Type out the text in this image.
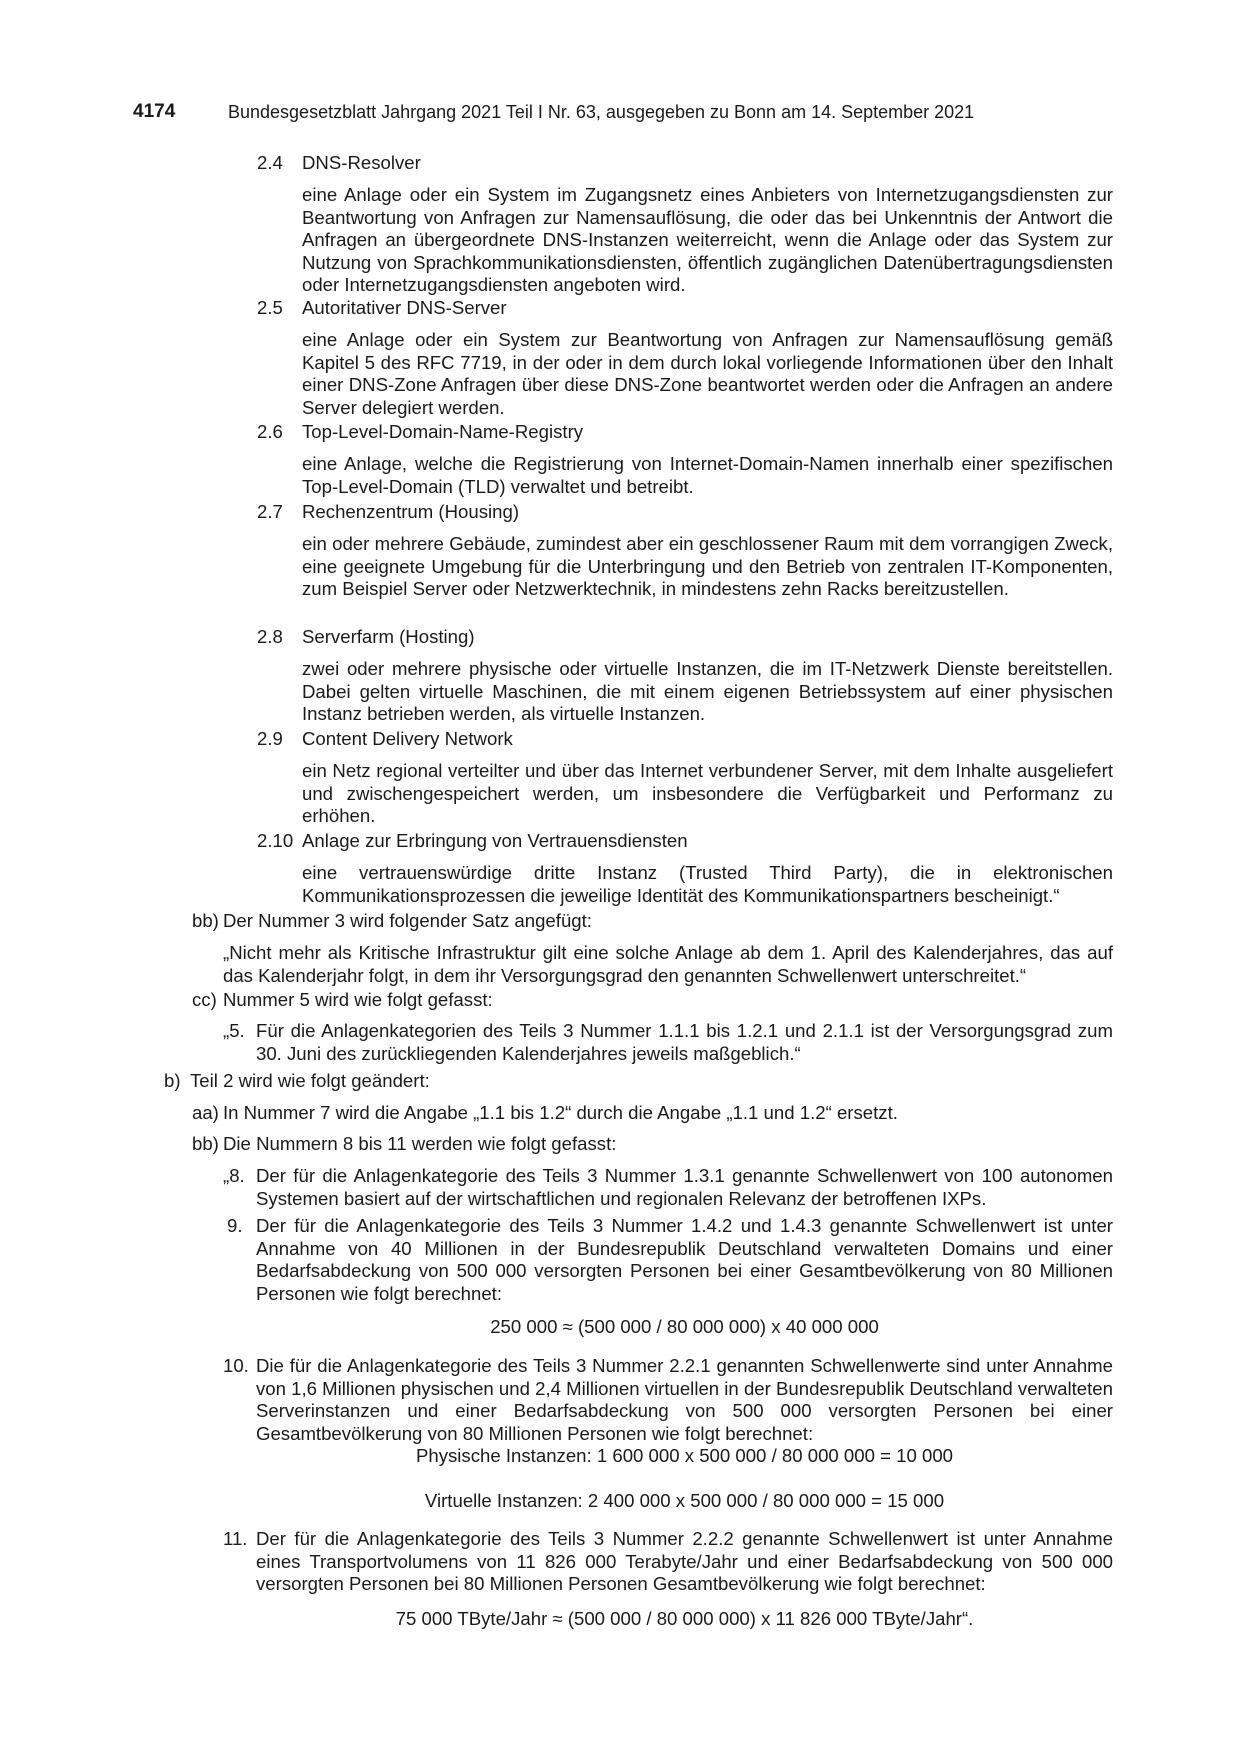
4174	Bundesgesetzblatt Jahrgang 2021 Teil I Nr. 63, ausgegeben zu Bonn am 14. September 2021
2.4 DNS-Resolver
eine Anlage oder ein System im Zugangsnetz eines Anbieters von Internetzugangsdiensten zur Beantwortung von Anfragen zur Namensauflösung, die oder das bei Unkenntnis der Antwort die Anfragen an übergeordnete DNS-Instanzen weiterreicht, wenn die Anlage oder das System zur Nutzung von Sprachkommunikationsdiensten, öffentlich zugänglichen Datenübertragungsdiensten oder Internetzugangsdiensten angeboten wird.
2.5 Autoritativer DNS-Server
eine Anlage oder ein System zur Beantwortung von Anfragen zur Namensauflösung gemäß Kapitel 5 des RFC 7719, in der oder in dem durch lokal vorliegende Informationen über den Inhalt einer DNS-Zone Anfragen über diese DNS-Zone beantwortet werden oder die Anfragen an andere Server delegiert werden.
2.6 Top-Level-Domain-Name-Registry
eine Anlage, welche die Registrierung von Internet-Domain-Namen innerhalb einer spezifischen Top-Level-Domain (TLD) verwaltet und betreibt.
2.7 Rechenzentrum (Housing)
ein oder mehrere Gebäude, zumindest aber ein geschlossener Raum mit dem vorrangigen Zweck, eine geeignete Umgebung für die Unterbringung und den Betrieb von zentralen IT-Komponenten, zum Beispiel Server oder Netzwerktechnik, in mindestens zehn Racks bereitzustellen.
2.8 Serverfarm (Hosting)
zwei oder mehrere physische oder virtuelle Instanzen, die im IT-Netzwerk Dienste bereitstellen. Dabei gelten virtuelle Maschinen, die mit einem eigenen Betriebssystem auf einer physischen Instanz betrieben werden, als virtuelle Instanzen.
2.9 Content Delivery Network
ein Netz regional verteilter und über das Internet verbundener Server, mit dem Inhalte ausgeliefert und zwischengespeichert werden, um insbesondere die Verfügbarkeit und Performanz zu erhöhen.
2.10 Anlage zur Erbringung von Vertrauensdiensten
eine vertrauenswürdige dritte Instanz (Trusted Third Party), die in elektronischen Kommunikationsprozessen die jeweilige Identität des Kommunikationspartners bescheinigt.“
bb) Der Nummer 3 wird folgender Satz angefügt:
„Nicht mehr als Kritische Infrastruktur gilt eine solche Anlage ab dem 1. April des Kalenderjahres, das auf das Kalenderjahr folgt, in dem ihr Versorgungsgrad den genannten Schwellenwert unterschreitet.“
cc) Nummer 5 wird wie folgt gefasst:
„5. Für die Anlagenkategorien des Teils 3 Nummer 1.1.1 bis 1.2.1 und 2.1.1 ist der Versorgungsgrad zum 30. Juni des zurückliegenden Kalenderjahres jeweils maßgeblich.“
b) Teil 2 wird wie folgt geändert:
aa) In Nummer 7 wird die Angabe „1.1 bis 1.2“ durch die Angabe „1.1 und 1.2“ ersetzt.
bb) Die Nummern 8 bis 11 werden wie folgt gefasst:
„8. Der für die Anlagenkategorie des Teils 3 Nummer 1.3.1 genannte Schwellenwert von 100 autonomen Systemen basiert auf der wirtschaftlichen und regionalen Relevanz der betroffenen IXPs.
9. Der für die Anlagenkategorie des Teils 3 Nummer 1.4.2 und 1.4.3 genannte Schwellenwert ist unter Annahme von 40 Millionen in der Bundesrepublik Deutschland verwalteten Domains und einer Bedarfsabdeckung von 500 000 versorgten Personen bei einer Gesamtbevölkerung von 80 Millionen Personen wie folgt berechnet:
250 000 ≈ (500 000 / 80 000 000) x 40 000 000
10. Die für die Anlagenkategorie des Teils 3 Nummer 2.2.1 genannten Schwellenwerte sind unter Annahme von 1,6 Millionen physischen und 2,4 Millionen virtuellen in der Bundesrepublik Deutschland verwalteten Serverinstanzen und einer Bedarfsabdeckung von 500 000 versorgten Personen bei einer Gesamtbevölkerung von 80 Millionen Personen wie folgt berechnet:
Physische Instanzen: 1 600 000 x 500 000 / 80 000 000 = 10 000
Virtuelle Instanzen: 2 400 000 x 500 000 / 80 000 000 = 15 000
11. Der für die Anlagenkategorie des Teils 3 Nummer 2.2.2 genannte Schwellenwert ist unter Annahme eines Transportvolumens von 11 826 000 Terabyte/Jahr und einer Bedarfsabdeckung von 500 000 versorgten Personen bei 80 Millionen Personen Gesamtbevölkerung wie folgt berechnet:
75 000 TByte/Jahr ≈ (500 000 / 80 000 000) x 11 826 000 TByte/Jahr“.
